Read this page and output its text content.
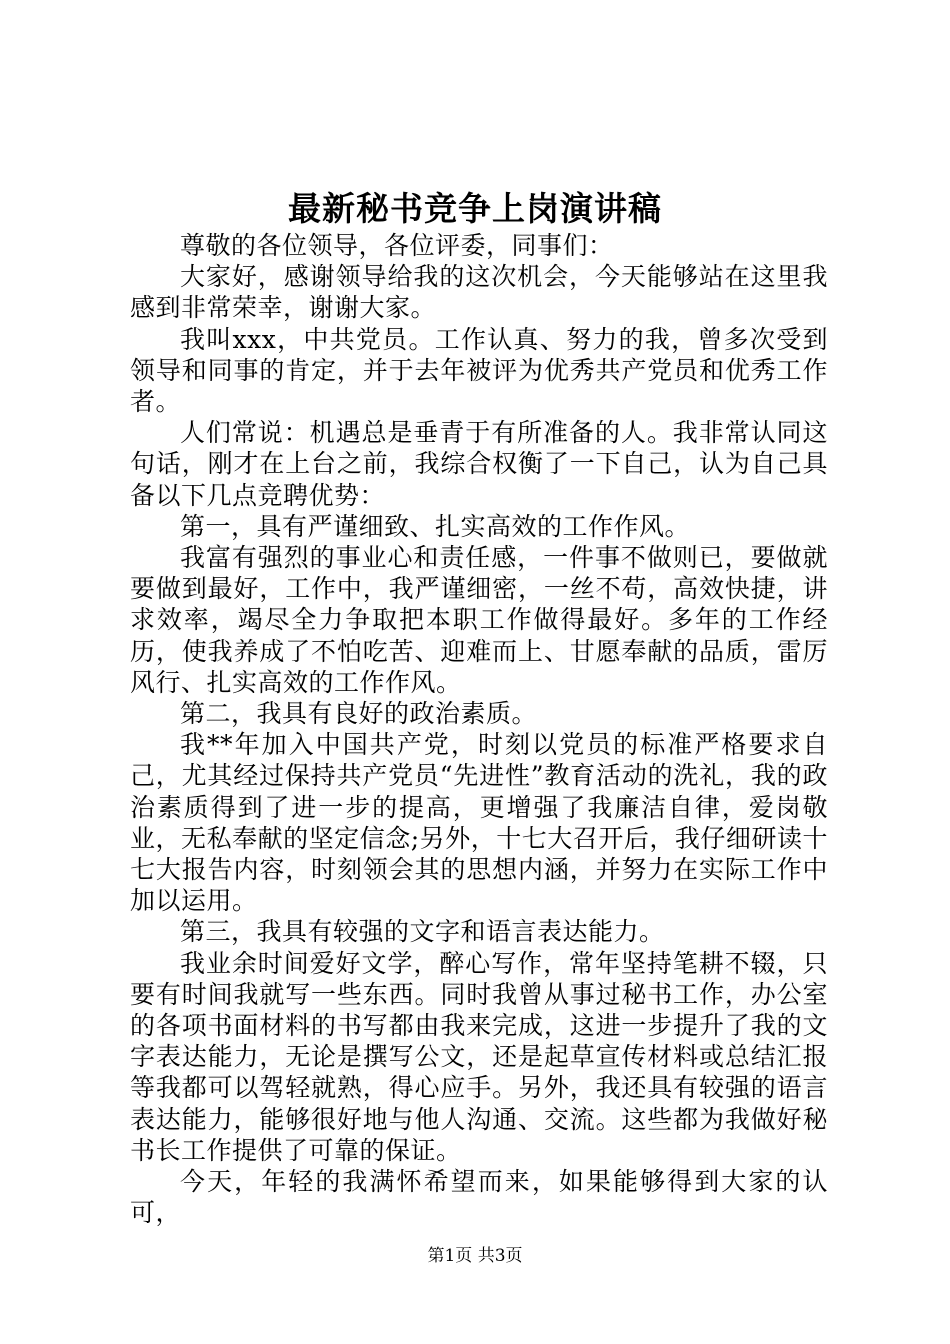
最新秘书竞争上岗演讲稿

尊敬的各位领导，各位评委，同事们：

大家好，感谢领导给我的这次机会，今天能够站在这里我感到非常荣幸，谢谢大家。

我叫xxx，中共党员。工作认真、努力的我，曾多次受到领导和同事的肯定，并于去年被评为优秀共产党员和优秀工作者。

人们常说：机遇总是垂青于有所准备的人。我非常认同这句话，刚才在上台之前，我综合权衡了一下自己，认为自己具备以下几点竞聘优势：

第一，具有严谨细致、扎实高效的工作作风。

我富有强烈的事业心和责任感，一件事不做则已，要做就要做到最好，工作中，我严谨细密，一丝不苟，高效快捷，讲求效率，竭尽全力争取把本职工作做得最好。多年的工作经历，使我养成了不怕吃苦、迎难而上、甘愿奉献的品质，雷厉风行、扎实高效的工作作风。

第二，我具有良好的政治素质。

我**年加入中国共产党，时刻以党员的标准严格要求自己，尤其经过保持共产党员“先进性”教育活动的洗礼，我的政治素质得到了进一步的提高，更增强了我廉洁自律，爱岗敬业，无私奉献的坚定信念;另外，十七大召开后，我仔细研读十七大报告内容，时刻领会其的思想内涵，并努力在实际工作中加以运用。

第三，我具有较强的文字和语言表达能力。

我业余时间爱好文学，醉心写作，常年坚持笔耕不辍，只要有时间我就写一些东西。同时我曾从事过秘书工作，办公室的各项书面材料的书写都由我来完成，这进一步提升了我的文字表达能力，无论是撰写公文，还是起草宣传材料或总结汇报等我都可以驾轻就熟，得心应手。另外，我还具有较强的语言表达能力，能够很好地与他人沟通、交流。这些都为我做好秘书长工作提供了可靠的保证。

今天，年轻的我满怀希望而来，如果能够得到大家的认可，

第1页 共3页
